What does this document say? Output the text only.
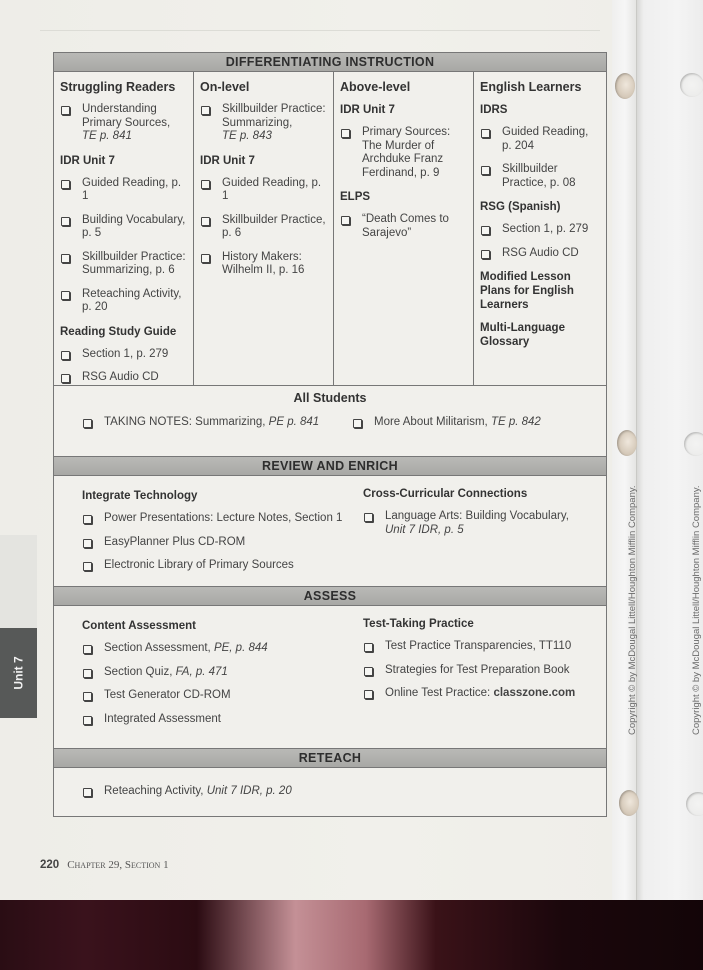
Copyright © by McDougal Littell/Houghton Mifflin Company.	Copyright © by McDougal Littell/Houghton Mifflin Company.
Unit 7
DIFFERENTIATING INSTRUCTION
Struggling Readers
Understanding Primary Sources,
TE p. 841
IDR Unit 7
Guided Reading, p. 1
Building Vocabulary, p. 5
Skillbuilder Practice: Summarizing, p. 6
Reteaching Activity, p. 20
Reading Study Guide
Section 1, p. 279
RSG Audio CD
On-level
Skillbuilder Practice: Summarizing,
TE p. 843
IDR Unit 7
Guided Reading, p. 1
Skillbuilder Practice, p. 6
History Makers: Wilhelm II, p. 16
Above-level
IDR Unit 7
Primary Sources: The Murder of Archduke Franz Ferdinand, p. 9
ELPS
“Death Comes to Sarajevo”
English Learners
IDRS
Guided Reading, p. 204
Skillbuilder Practice, p. 08
RSG (Spanish)
Section 1, p. 279
RSG Audio CD
Modified Lesson Plans for English Learners
Multi-Language Glossary
All Students
TAKING NOTES: Summarizing, PE p. 841	More About Militarism, TE p. 842
REVIEW AND ENRICH
Integrate Technology
Power Presentations: Lecture Notes, Section 1
EasyPlanner Plus CD-ROM
Electronic Library of Primary Sources
Cross-Curricular Connections
Language Arts: Building Vocabulary,
Unit 7 IDR, p. 5
ASSESS
Content Assessment
Section Assessment, PE, p. 844
Section Quiz, FA, p. 471
Test Generator CD-ROM
Integrated Assessment
Test-Taking Practice
Test Practice Transparencies, TT110
Strategies for Test Preparation Book
Online Test Practice: classzone.com
RETEACH
Reteaching Activity, Unit 7 IDR, p. 20
220 Chapter 29, Section 1
